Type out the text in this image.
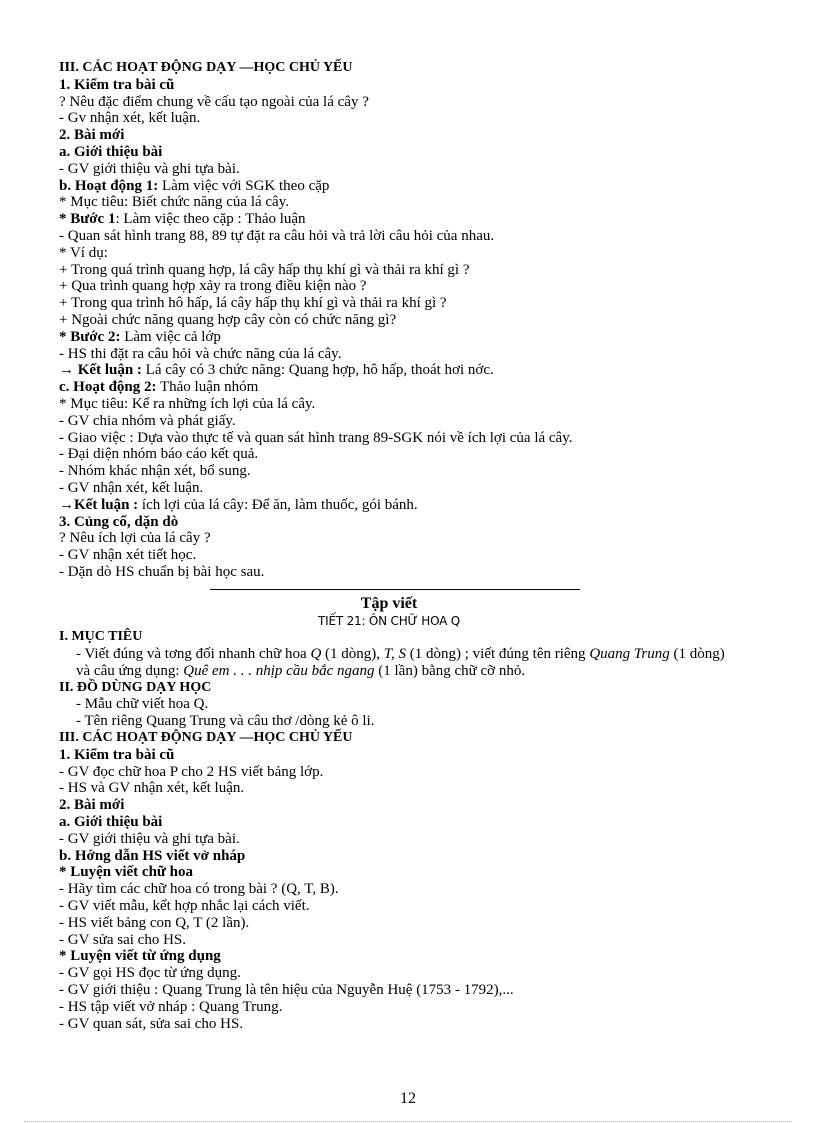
III. CÁC HOẠT ĐỘNG DẠY —HỌC CHỦ YẾU
1. Kiểm tra bài cũ
? Nêu đặc điểm chung về cấu tạo ngoài của lá cây ?
- Gv nhận xét, kết luận.
2. Bài mới
a. Giới thiệu bài
- GV giới thiệu và ghi tựa bài.
b. Hoạt động 1: Làm việc với SGK theo cặp
* Mục tiêu: Biết chức năng của lá cây.
* Bước 1: Làm việc theo cặp : Thảo luận
- Quan sát hình trang 88, 89 tự đặt ra câu hỏi và trả lời câu hỏi của nhau.
* Ví dụ:
+ Trong quá trình quang hợp, lá cây hấp thụ khí gì và thải ra khí gì ?
+ Qua trình quang hợp xảy ra trong điều kiện nào ?
+ Trong qua trình hô hấp, lá cây hấp thụ khí gì và thải ra khí gì ?
+ Ngoài chức năng quang hợp cây còn có chức năng gì?
* Bước 2: Làm việc cả lớp
- HS thi đặt ra câu hỏi và chức năng của lá cây.
→ Kết luận : Lá cây có 3 chức năng: Quang hợp, hô hấp, thoát hơi nớc.
c. Hoạt động 2: Thảo luận nhóm
* Mục tiêu: Kể ra những ích lợi của lá cây.
- GV chia nhóm và phát giấy.
- Giao việc : Dựa vào thực tế và quan sát hình trang 89-SGK nói về ích lợi của lá cây.
- Đại diện nhóm báo cáo kết quả.
- Nhóm khác nhận xét, bổ sung.
- GV nhận xét, kết luận.
→Kết luận : ích lợi của lá cây: Để ăn, làm thuốc, gói bánh.
3. Củng cố, dặn dò
? Nêu ích lợi của lá cây ?
- GV nhận xét tiết học.
- Dặn dò HS chuẩn bị bài học sau.
Tập viết
TIẾT 21: ÔN CHỮ HOA Q
I. MỤC TIÊU
- Viết đúng và tơng đối nhanh chữ hoa Q (1 dòng), T, S (1 dòng) ; viết đúng tên riêng Quang Trung (1 dòng) và câu ứng dụng: Quê em . . . nhịp cầu bắc ngang (1 lần) bằng chữ cỡ nhỏ.
II. ĐỒ DÙNG DẠY HỌC
- Mẫu chữ viết hoa Q.
- Tên riêng Quang Trung và câu thơ /dòng kẻ ô li.
III. CÁC HOẠT ĐỘNG DẠY —HỌC CHỦ YẾU
1. Kiểm tra bài cũ
- GV đọc chữ hoa P cho 2 HS viết bảng lớp.
- HS và GV nhận xét, kết luận.
2. Bài mới
a. Giới thiệu bài
- GV giới thiệu và ghi tựa bài.
b. Hớng dẫn HS viết vở nháp
* Luyện viết chữ hoa
- Hãy tìm các chữ hoa có trong bài ? (Q, T, B).
- GV viết mẫu, kết hợp nhắc lại cách viết.
- HS viết bảng con Q, T (2 lần).
- GV sửa sai cho HS.
* Luyện viết từ ứng dụng
- GV gọi HS đọc từ ứng dụng.
- GV giới thiệu : Quang Trung là tên hiệu của Nguyễn Huệ (1753 - 1792),...
- HS tập viết vở nháp : Quang Trung.
- GV quan sát, sửa sai cho HS.
12
